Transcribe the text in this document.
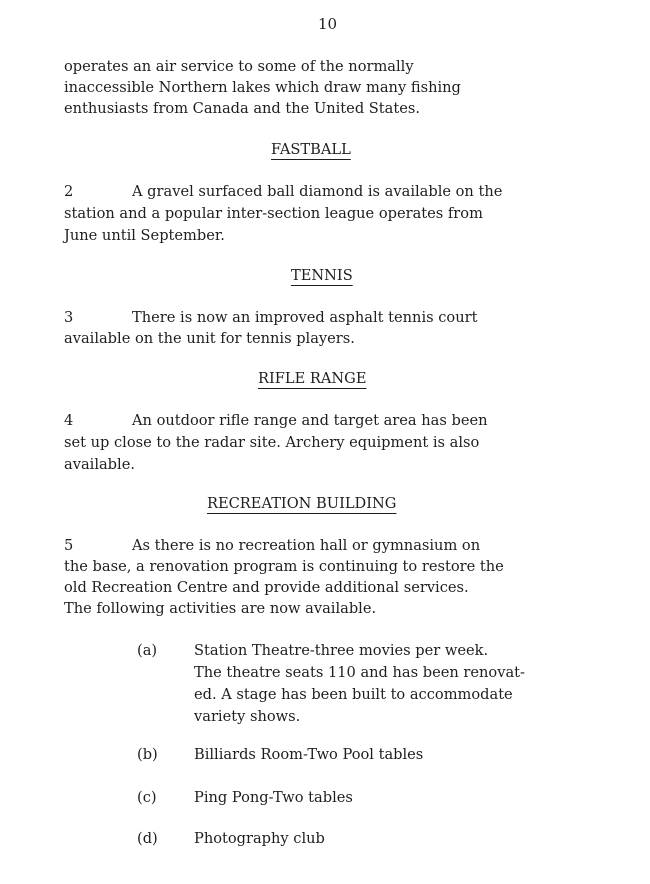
10
operates an air service to some of the normally
inaccessible Northern lakes which draw many fishing
enthusiasts from Canada and the United States.
FASTBALL
2	A gravel surfaced ball diamond is available on the
station and a popular inter-section league operates from
June until September.
TENNIS
3	There is now an improved asphalt tennis court
available on the unit for tennis players.
RIFLE RANGE
4	An outdoor rifle range and target area has been
set up close to the radar site. Archery equipment is also
available.
RECREATION BUILDING
5	As there is no recreation hall or gymnasium on
the base, a renovation program is continuing to restore the
old Recreation Centre and provide additional services.
The following activities are now available.
(a)	Station Theatre-three movies per week.
The theatre seats 110 and has been renovat-
ed. A stage has been built to accommodate
variety shows.
(b) Billiards Room-Two Pool tables
(c)	Ping Pong-Two tables
(d) Photography club
